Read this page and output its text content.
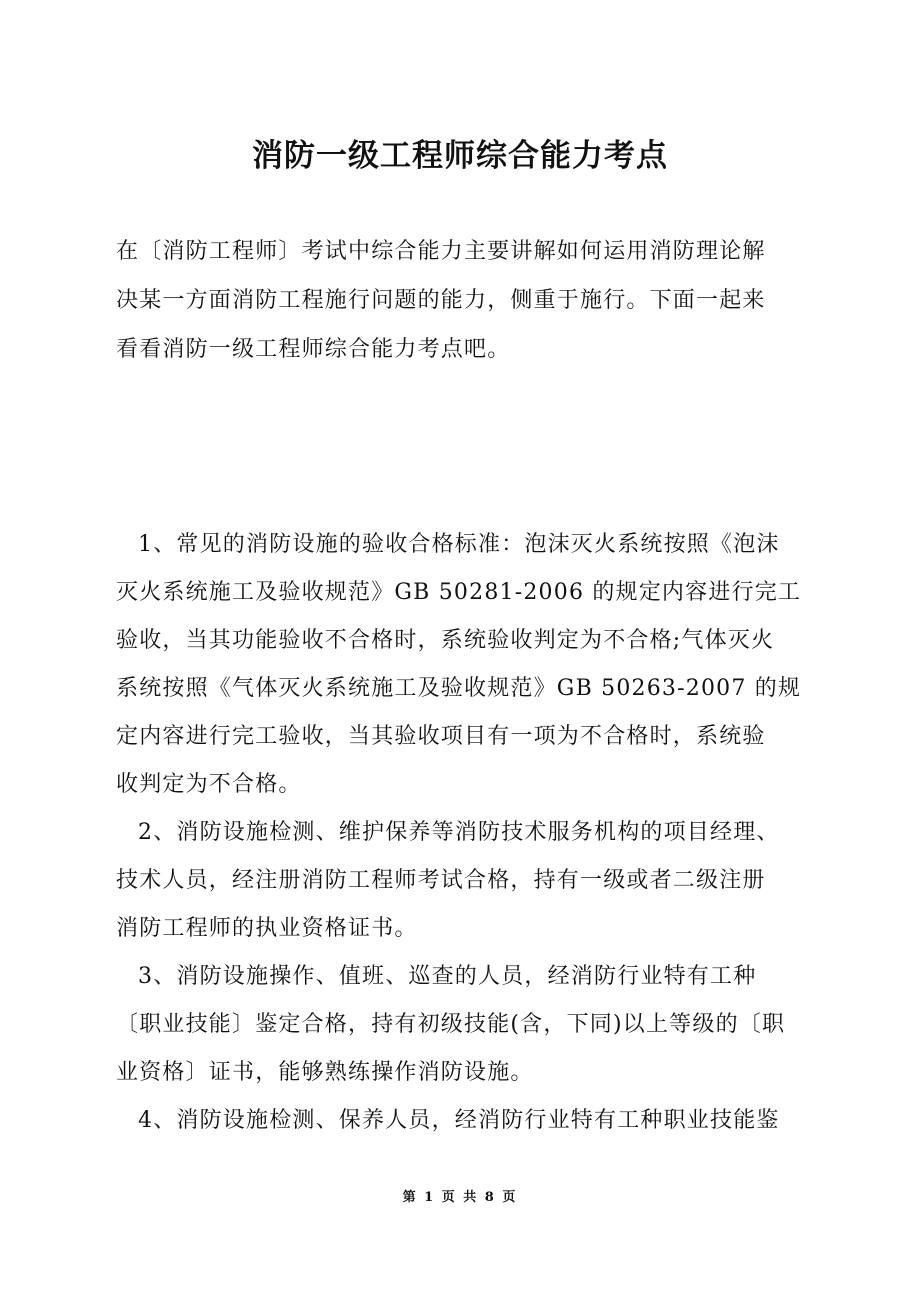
消防一级工程师综合能力考点
在〔消防工程师〕考试中综合能力主要讲解如何运用消防理论解
决某一方面消防工程施行问题的能力，侧重于施行。下面一起来
看看消防一级工程师综合能力考点吧。
1、常见的消防设施的验收合格标准：泡沫灭火系统按照《泡沫
灭火系统施工及验收规范》GB 50281-2006 的规定内容进行完工
验收，当其功能验收不合格时，系统验收判定为不合格;气体灭火
系统按照《气体灭火系统施工及验收规范》GB 50263-2007 的规
定内容进行完工验收，当其验收项目有一项为不合格时，系统验
收判定为不合格。
2、消防设施检测、维护保养等消防技术服务机构的项目经理、
技术人员，经注册消防工程师考试合格，持有一级或者二级注册
消防工程师的执业资格证书。
3、消防设施操作、值班、巡查的人员，经消防行业特有工种
〔职业技能〕鉴定合格，持有初级技能(含，下同)以上等级的〔职
业资格〕证书，能够熟练操作消防设施。
4、消防设施检测、保养人员，经消防行业特有工种职业技能鉴
第 1 页 共 8 页
